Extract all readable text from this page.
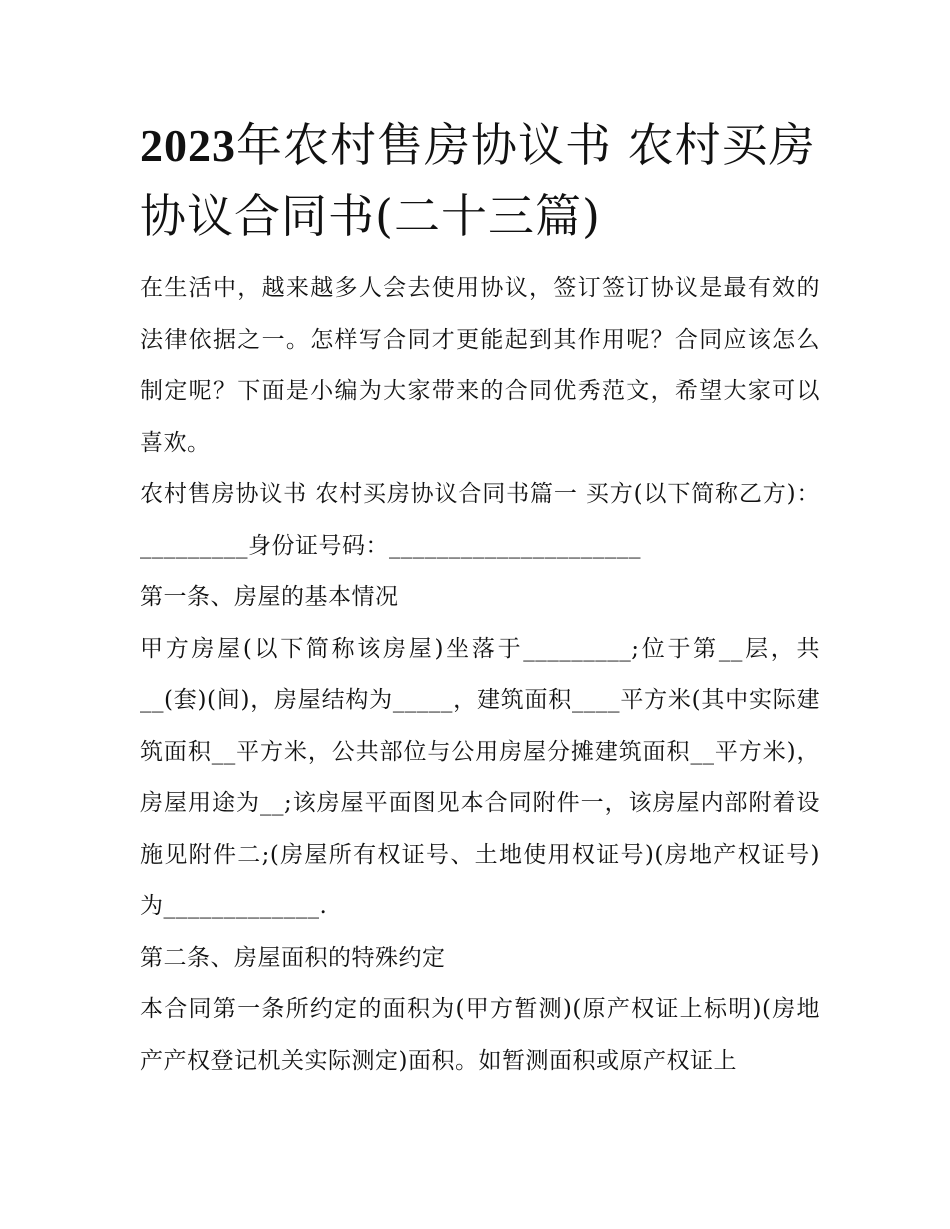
2023年农村售房协议书 农村买房协议合同书(二十三篇)

在生活中，越来越多人会去使用协议，签订签订协议是最有效的法律依据之一。怎样写合同才更能起到其作用呢？合同应该怎么制定呢？下面是小编为大家带来的合同优秀范文，希望大家可以喜欢。

农村售房协议书 农村买房协议合同书篇一 买方(以下简称乙方)：_________身份证号码：_____________________

第一条、房屋的基本情况

甲方房屋(以下简称该房屋)坐落于_________;位于第__层，共__(套)(间)，房屋结构为_____，建筑面积____平方米(其中实际建筑面积__平方米，公共部位与公用房屋分摊建筑面积__平方米)，房屋用途为__;该房屋平面图见本合同附件一，该房屋内部附着设施见附件二;(房屋所有权证号、土地使用权证号)(房地产权证号)为_____________.

第二条、房屋面积的特殊约定

本合同第一条所约定的面积为(甲方暂测)(原产权证上标明)(房地产产权登记机关实际测定)面积。如暂测面积或原产权证上
